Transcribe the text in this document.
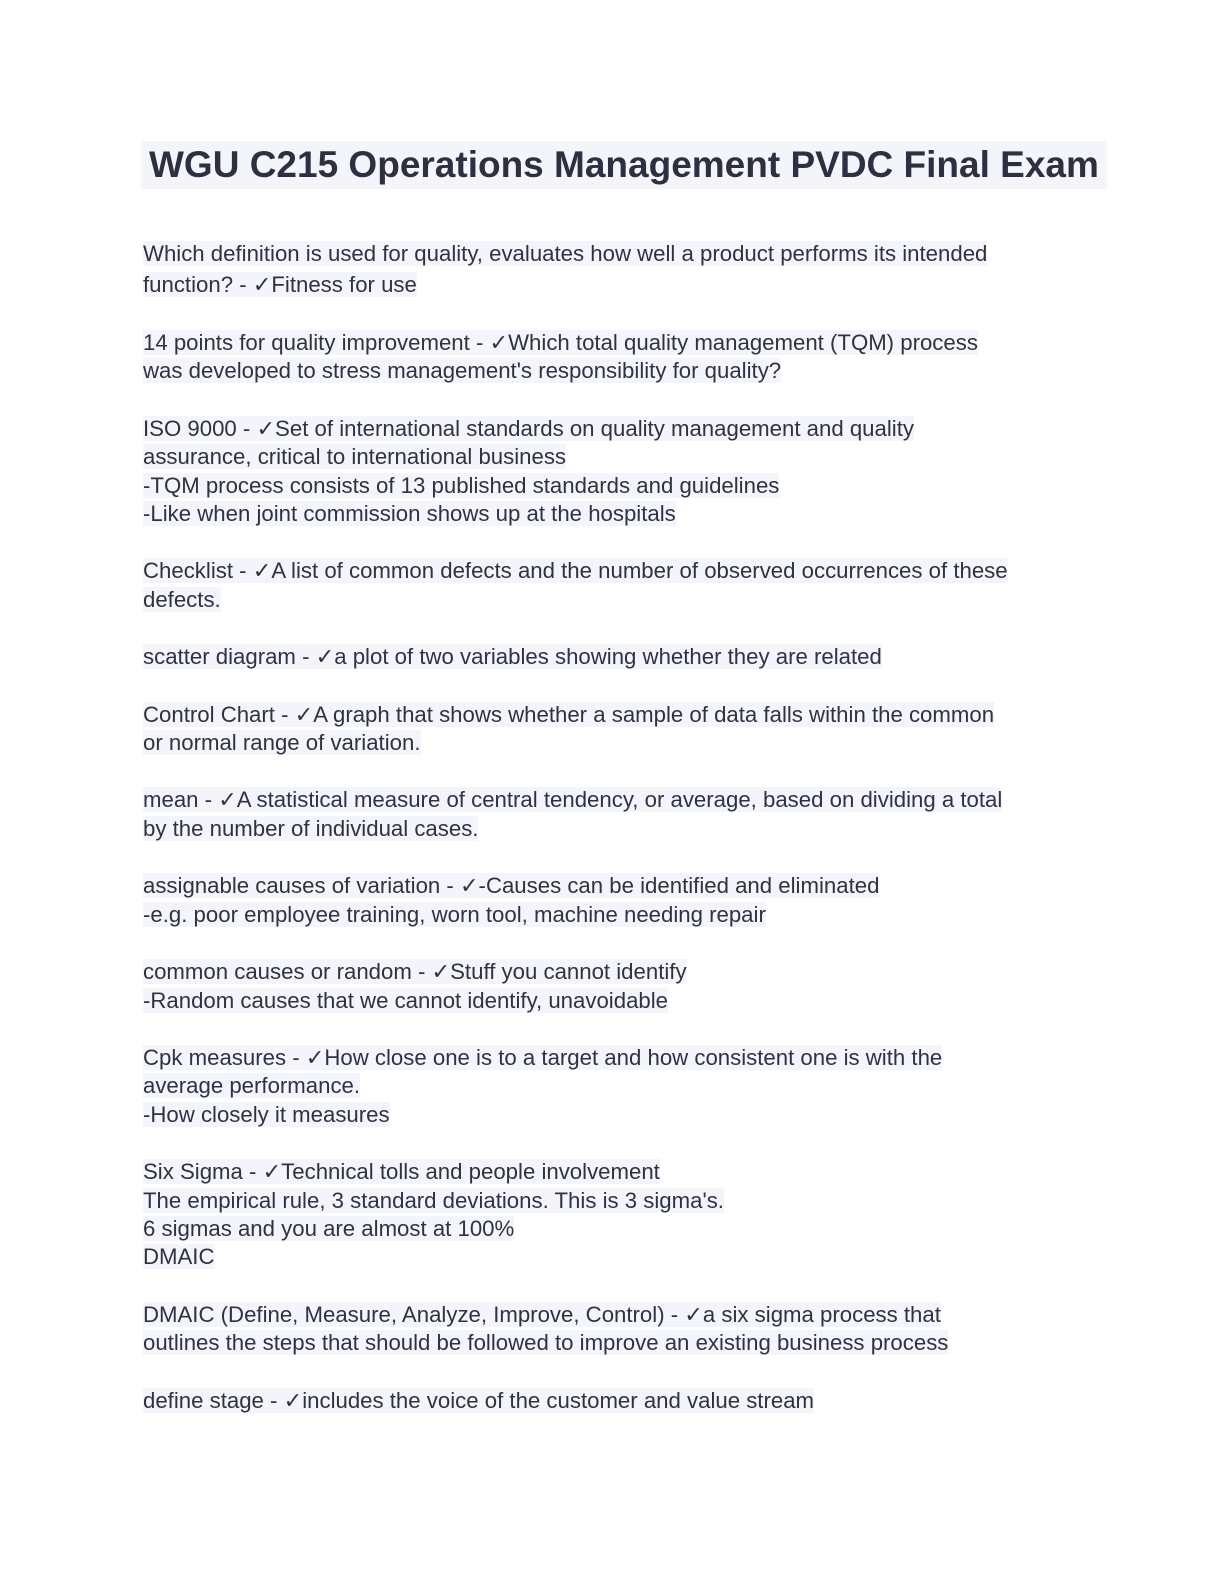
WGU C215 Operations Management PVDC Final Exam
Which definition is used for quality, evaluates how well a product performs its intended
function? - ✓Fitness for use
14 points for quality improvement - ✓Which total quality management (TQM) process
was developed to stress management's responsibility for quality?
ISO 9000 - ✓Set of international standards on quality management and quality
assurance, critical to international business
-TQM process consists of 13 published standards and guidelines
-Like when joint commission shows up at the hospitals
Checklist - ✓A list of common defects and the number of observed occurrences of these
defects.
scatter diagram - ✓a plot of two variables showing whether they are related
Control Chart - ✓A graph that shows whether a sample of data falls within the common
or normal range of variation.
mean - ✓A statistical measure of central tendency, or average, based on dividing a total
by the number of individual cases.
assignable causes of variation - ✓-Causes can be identified and eliminated
-e.g. poor employee training, worn tool, machine needing repair
common causes or random - ✓Stuff you cannot identify
-Random causes that we cannot identify, unavoidable
Cpk measures - ✓How close one is to a target and how consistent one is with the
average performance.
-How closely it measures
Six Sigma - ✓Technical tolls and people involvement
The empirical rule, 3 standard deviations. This is 3 sigma's.
6 sigmas and you are almost at 100%
DMAIC
DMAIC (Define, Measure, Analyze, Improve, Control) - ✓a six sigma process that
outlines the steps that should be followed to improve an existing business process
define stage - ✓includes the voice of the customer and value stream
